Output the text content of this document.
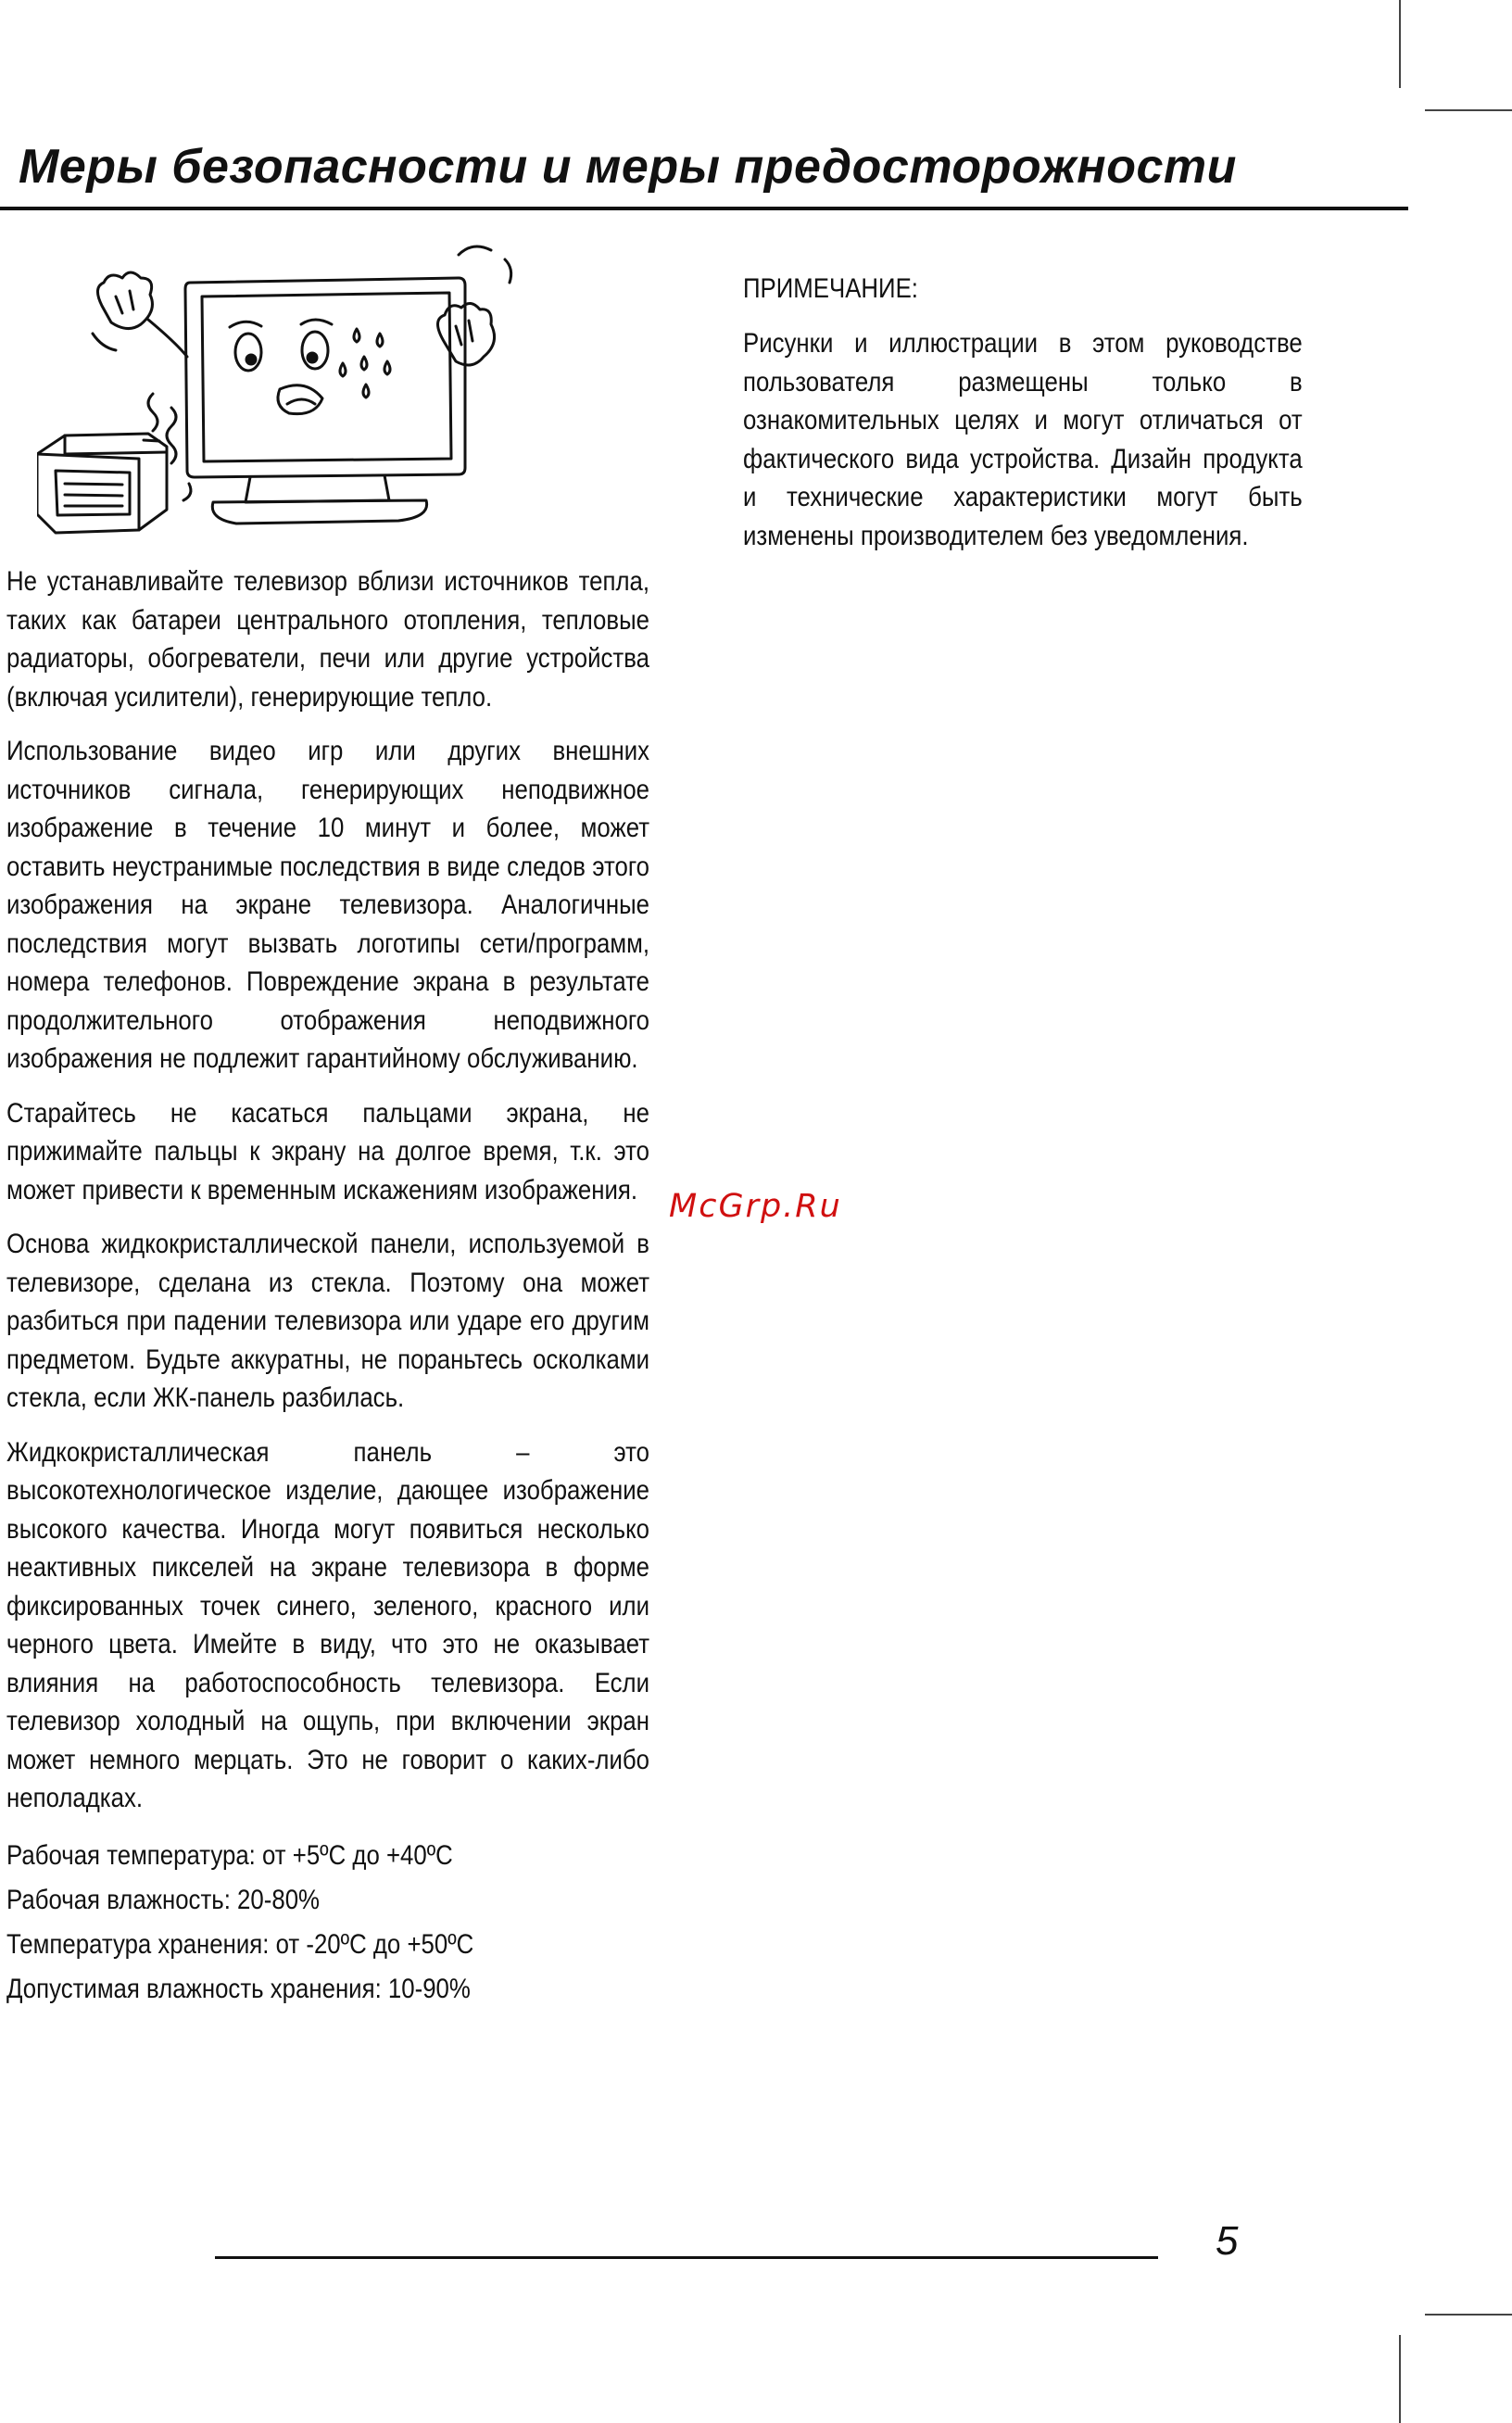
Меры безопасности и меры предосторожности

Не устанавливайте телевизор вблизи источников тепла, таких как батареи центрального отопления, тепловые радиаторы, обогреватели, печи или другие устройства (включая усилители), генерирующие тепло.

Использование видео игр или других внешних источников сигнала, генерирующих неподвижное изображение в течение 10 минут и более, может оставить неустранимые последствия в виде следов этого изображения на экране телевизора. Аналогичные последствия могут вызвать логотипы сети/программ, номера телефонов. Повреждение экрана в результате продолжительного отображения неподвижного изображения не подлежит гарантийному обслуживанию.

Старайтесь не касаться пальцами экрана, не прижимайте пальцы к экрану на долгое время, т.к. это может привести к временным искажениям изображения.

Основа жидкокристаллической панели, используемой в телевизоре, сделана из стекла. Поэтому она может разбиться при падении телевизора или ударе его другим предметом. Будьте аккуратны, не пораньтесь осколками стекла, если ЖК-панель разбилась.

Жидкокристаллическая панель – это высокотехнологическое изделие, дающее изображение высокого качества. Иногда могут появиться несколько неактивных пикселей на экране телевизора в форме фиксированных точек синего, зеленого, красного или черного цвета. Имейте в виду, что это не оказывает влияния на работоспособность телевизора. Если телевизор холодный на ощупь, при включении экран может немного мерцать. Это не говорит о каких-либо неполадках.

Рабочая температура: от +5ºC до +40ºC
Рабочая влажность: 20-80%
Температура хранения: от -20ºC до +50ºC
Допустимая влажность хранения: 10-90%
ПРИМЕЧАНИЕ:

Рисунки и иллюстрации в этом руководстве пользователя размещены только в ознакомительных целях и могут отличаться от фактического вида устройства. Дизайн продукта и технические характеристики могут быть изменены производителем без уведомления.

McGrp.Ru
5
